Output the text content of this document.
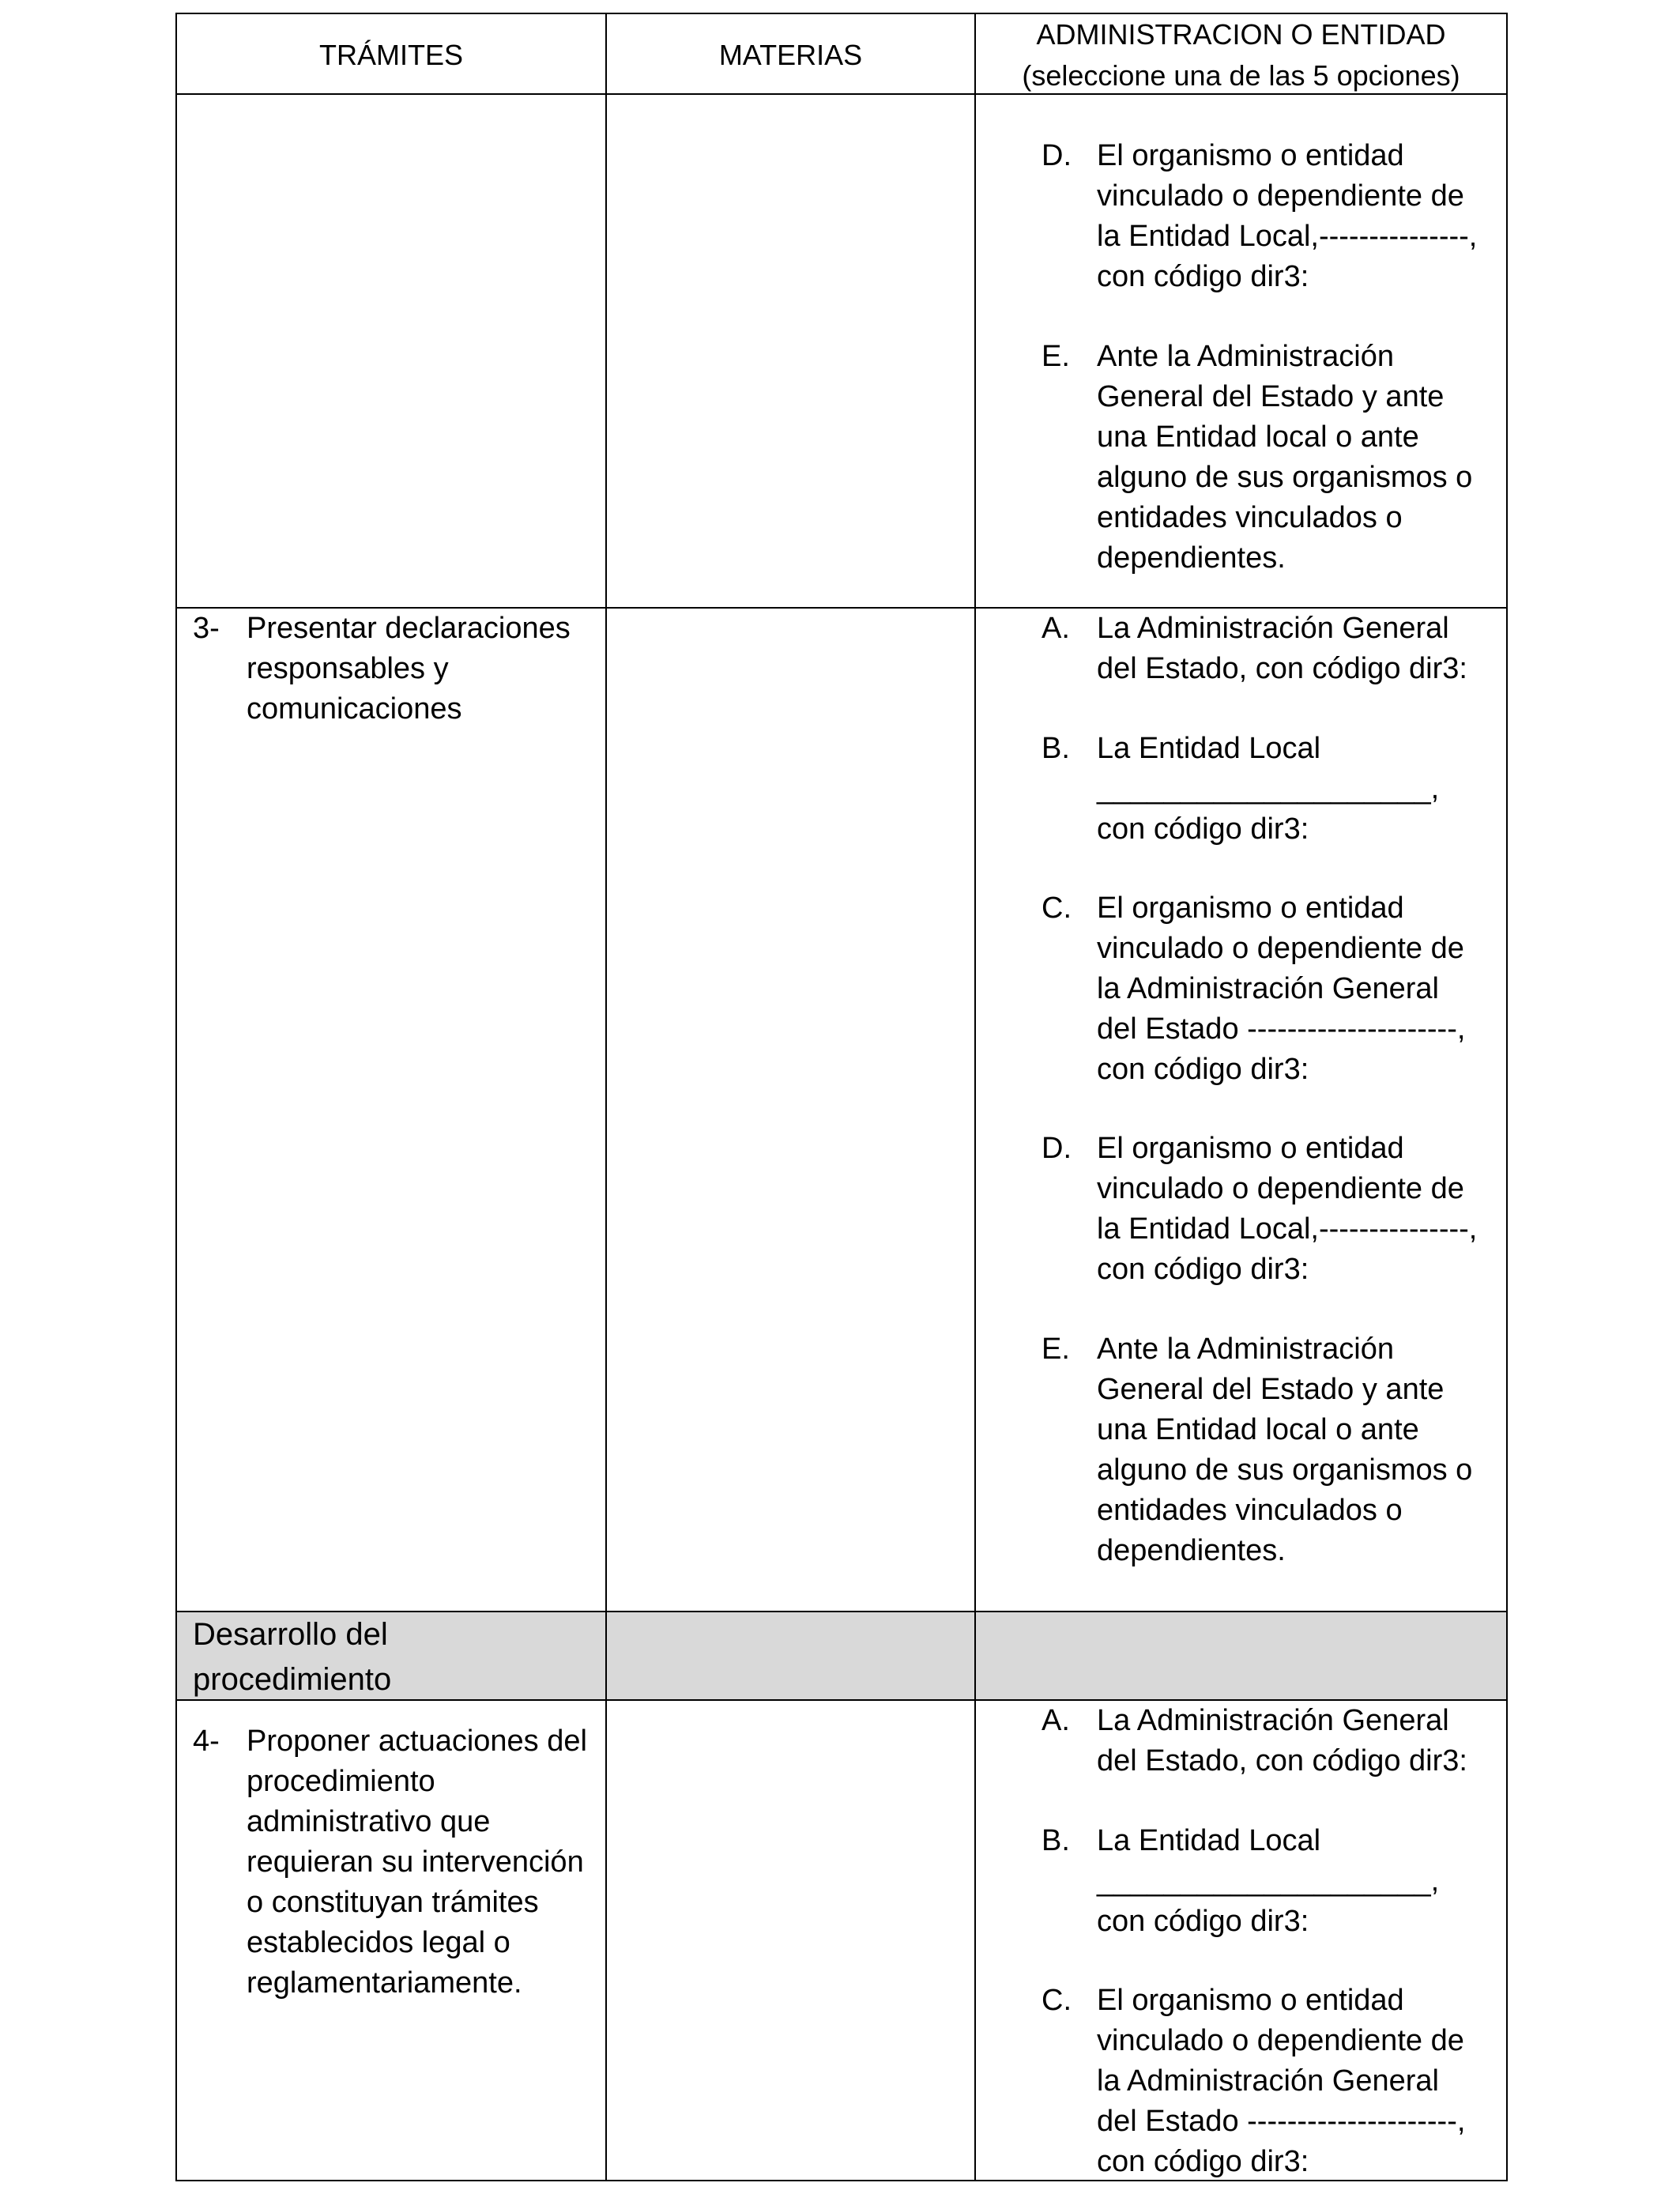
TRÁMITES	MATERIAS
ADMINISTRACION O ENTIDAD
(seleccione una de las 5 opciones)
D. El organismo o entidad
vinculado o dependiente de
la Entidad Local,---------------,
con código dir3:
E. Ante la Administración
General del Estado y ante
una Entidad local o ante
alguno de sus organismos o
entidades vinculados o
dependientes.
3- Presentar declaraciones
responsables y
comunicaciones
A. La Administración General
del Estado, con código dir3:
B. La Entidad Local
____________________,
con código dir3:
C. El organismo o entidad
vinculado o dependiente de
la Administración General
del Estado ---------------------,
con código dir3:
D. El organismo o entidad
vinculado o dependiente de
la Entidad Local,---------------,
con código dir3:
E. Ante la Administración
General del Estado y ante
una Entidad local o ante
alguno de sus organismos o
entidades vinculados o
dependientes.
Desarrollo del
procedimiento
4- Proponer actuaciones del
procedimiento
administrativo que
requieran su intervención
o constituyan trámites
establecidos legal o
reglamentariamente.
A. La Administración General
del Estado, con código dir3:
B. La Entidad Local
____________________,
con código dir3:
C. El organismo o entidad
vinculado o dependiente de
la Administración General
del Estado ---------------------,
con código dir3:
